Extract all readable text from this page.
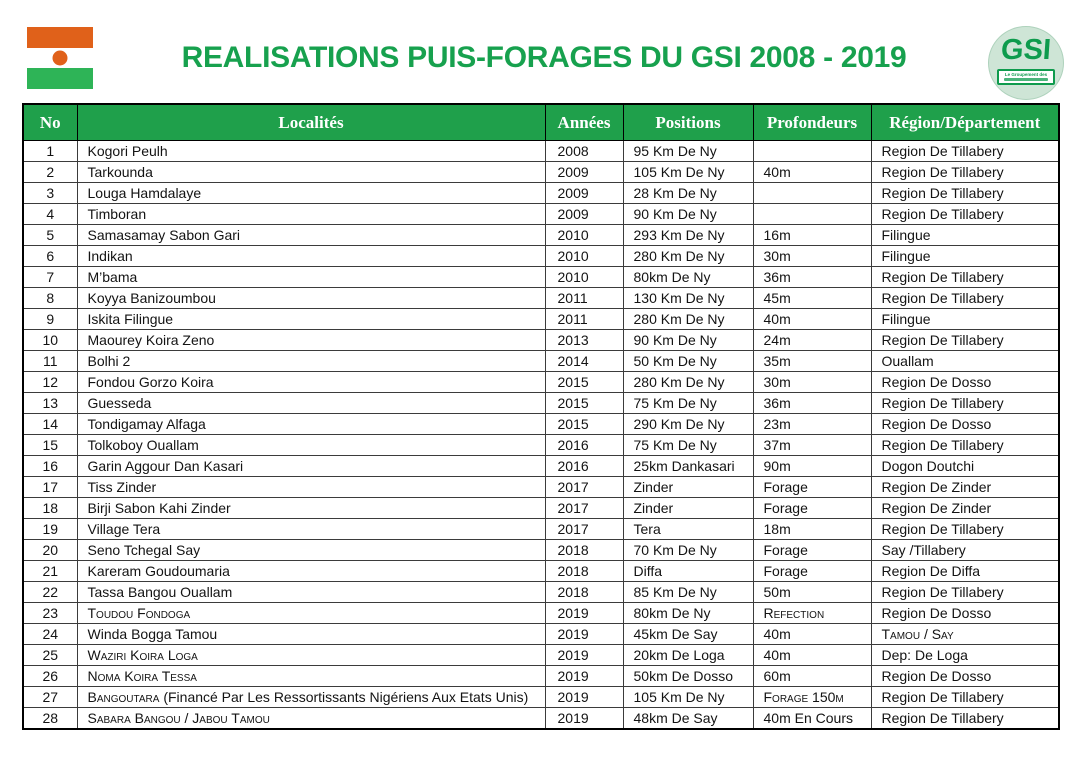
REALISATIONS PUIS-FORAGES DU GSI 2008 - 2019	GSI
Le Groupement des
No	Localités	Années	Positions	Profondeurs	Région/Département
1	Kogori Peulh	2008	95 Km De Ny		Region De Tillabery
2	Tarkounda	2009	105 Km De Ny	40m	Region De Tillabery
3	Louga Hamdalaye	2009	28 Km De Ny		Region De Tillabery
4	Timboran	2009	90 Km De Ny		Region De Tillabery
5	Samasamay Sabon Gari	2010	293 Km De Ny	16m	Filingue
6	Indikan	2010	280 Km De Ny	30m	Filingue
7	M’bama	2010	80km De Ny	36m	Region De Tillabery
8	Koyya Banizoumbou	2011	130 Km De Ny	45m	Region De Tillabery
9	Iskita Filingue	2011	280 Km De Ny	40m	Filingue
10	Maourey Koira Zeno	2013	90 Km De Ny	24m	Region De Tillabery
11	Bolhi 2	2014	50 Km De Ny	35m	Ouallam
12	Fondou Gorzo Koira	2015	280 Km De Ny	30m	Region De Dosso
13	Guesseda	2015	75 Km De Ny	36m	Region De Tillabery
14	Tondigamay Alfaga	2015	290 Km De Ny	23m	Region De Dosso
15	Tolkoboy Ouallam	2016	75 Km De Ny	37m	Region De Tillabery
16	Garin Aggour Dan Kasari	2016	25km Dankasari	90m	Dogon Doutchi
17	Tiss Zinder	2017	Zinder	Forage	Region De Zinder
18	Birji Sabon Kahi Zinder	2017	Zinder	Forage	Region De Zinder
19	Village Tera	2017	Tera	18m	Region De Tillabery
20	Seno Tchegal Say	2018	70 Km De Ny	Forage	Say /Tillabery
21	Kareram Goudoumaria	2018	Diffa	Forage	Region De Diffa
22	Tassa Bangou Ouallam	2018	85 Km De Ny	50m	Region De Tillabery
23	Toudou Fondoga	2019	80km De Ny	Refection	Region De Dosso
24	Winda Bogga Tamou	2019	45km De Say	40m	Tamou / Say
25	Waziri Koira Loga	2019	20km De Loga	40m	Dep: De Loga
26	Noma Koira Tessa	2019	50km De Dosso	60m	Region De Dosso
27	Bangoutara (Financé Par Les Ressortissants Nigériens Aux Etats Unis)	2019	105 Km De Ny	Forage 150m	Region De Tillabery
28	Sabara Bangou / Jabou Tamou	2019	48km De Say	40m En Cours	Region De Tillabery
